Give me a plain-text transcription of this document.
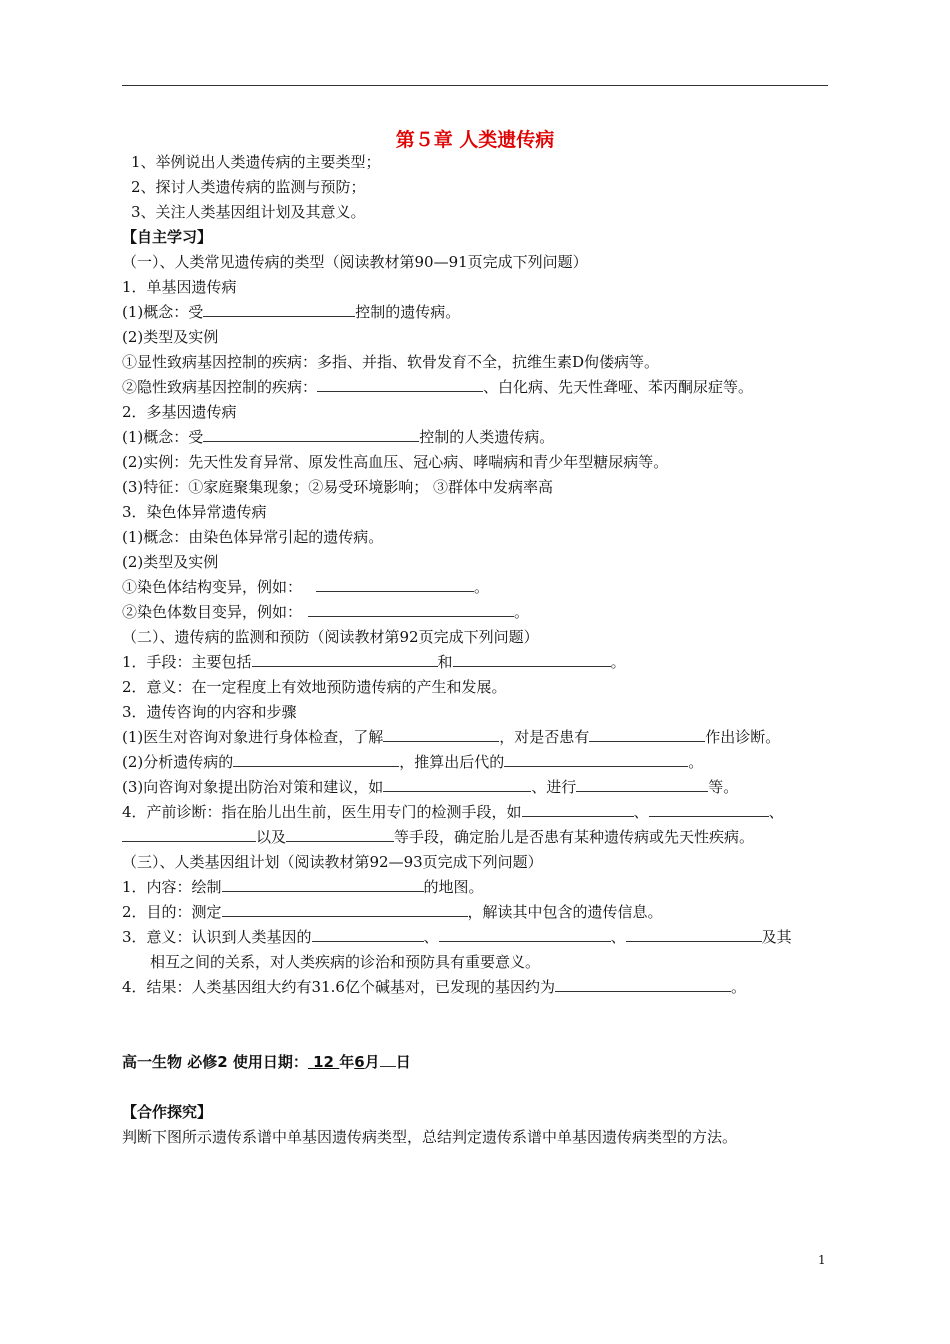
第５章 人类遗传病
1、举例说出人类遗传病的主要类型；
2、探讨人类遗传病的监测与预防；
3、关注人类基因组计划及其意义。
【自主学习】
（一）、人类常见遗传病的类型（阅读教材第90—91页完成下列问题）
1．单基因遗传病
(1)概念：受	控制的遗传病。
(2)类型及实例
①显性致病基因控制的疾病：多指、并指、软骨发育不全，抗维生素D佝偻病等。
②隐性致病基因控制的疾病：	、白化病、先天性聋哑、苯丙酮尿症等。
2．多基因遗传病
(1)概念：受	控制的人类遗传病。
(2)实例：先天性发育异常、原发性高血压、冠心病、哮喘病和青少年型糖尿病等。
(3)特征：①家庭聚集现象；②易受环境影响； ③群体中发病率高
3．染色体异常遗传病
(1)概念：由染色体异常引起的遗传病。
(2)类型及实例
①染色体结构变异，例如：	。
②染色体数目变异，例如：	。
（二）、遗传病的监测和预防（阅读教材第92页完成下列问题）
1．手段：主要包括	和	。
2．意义：在一定程度上有效地预防遗传病的产生和发展。
3．遗传咨询的内容和步骤
(1)医生对咨询对象进行身体检查，了解	，对是否患有	作出诊断。
(2)分析遗传病的	，推算出后代的	。
(3)向咨询对象提出防治对策和建议，如	、进行	等。
4．产前诊断：指在胎儿出生前，医生用专门的检测手段，如	、	、
以及	等手段，确定胎儿是否患有某种遗传病或先天性疾病。
（三）、人类基因组计划（阅读教材第92—93页完成下列问题）
1．内容：绘制	的地图。
2．目的：测定	，解读其中包含的遗传信息。
3．意义：认识到人类基因的	、	、	及其
相互之间的关系，对人类疾病的诊治和预防具有重要意义。
4．结果：人类基因组大约有31.6亿个碱基对，已发现的基因约为	。
高一生物 必修2 使用日期： 12 年6月 日
【合作探究】
判断下图所示遗传系谱中单基因遗传病类型，总结判定遗传系谱中单基因遗传病类型的方法。
1
